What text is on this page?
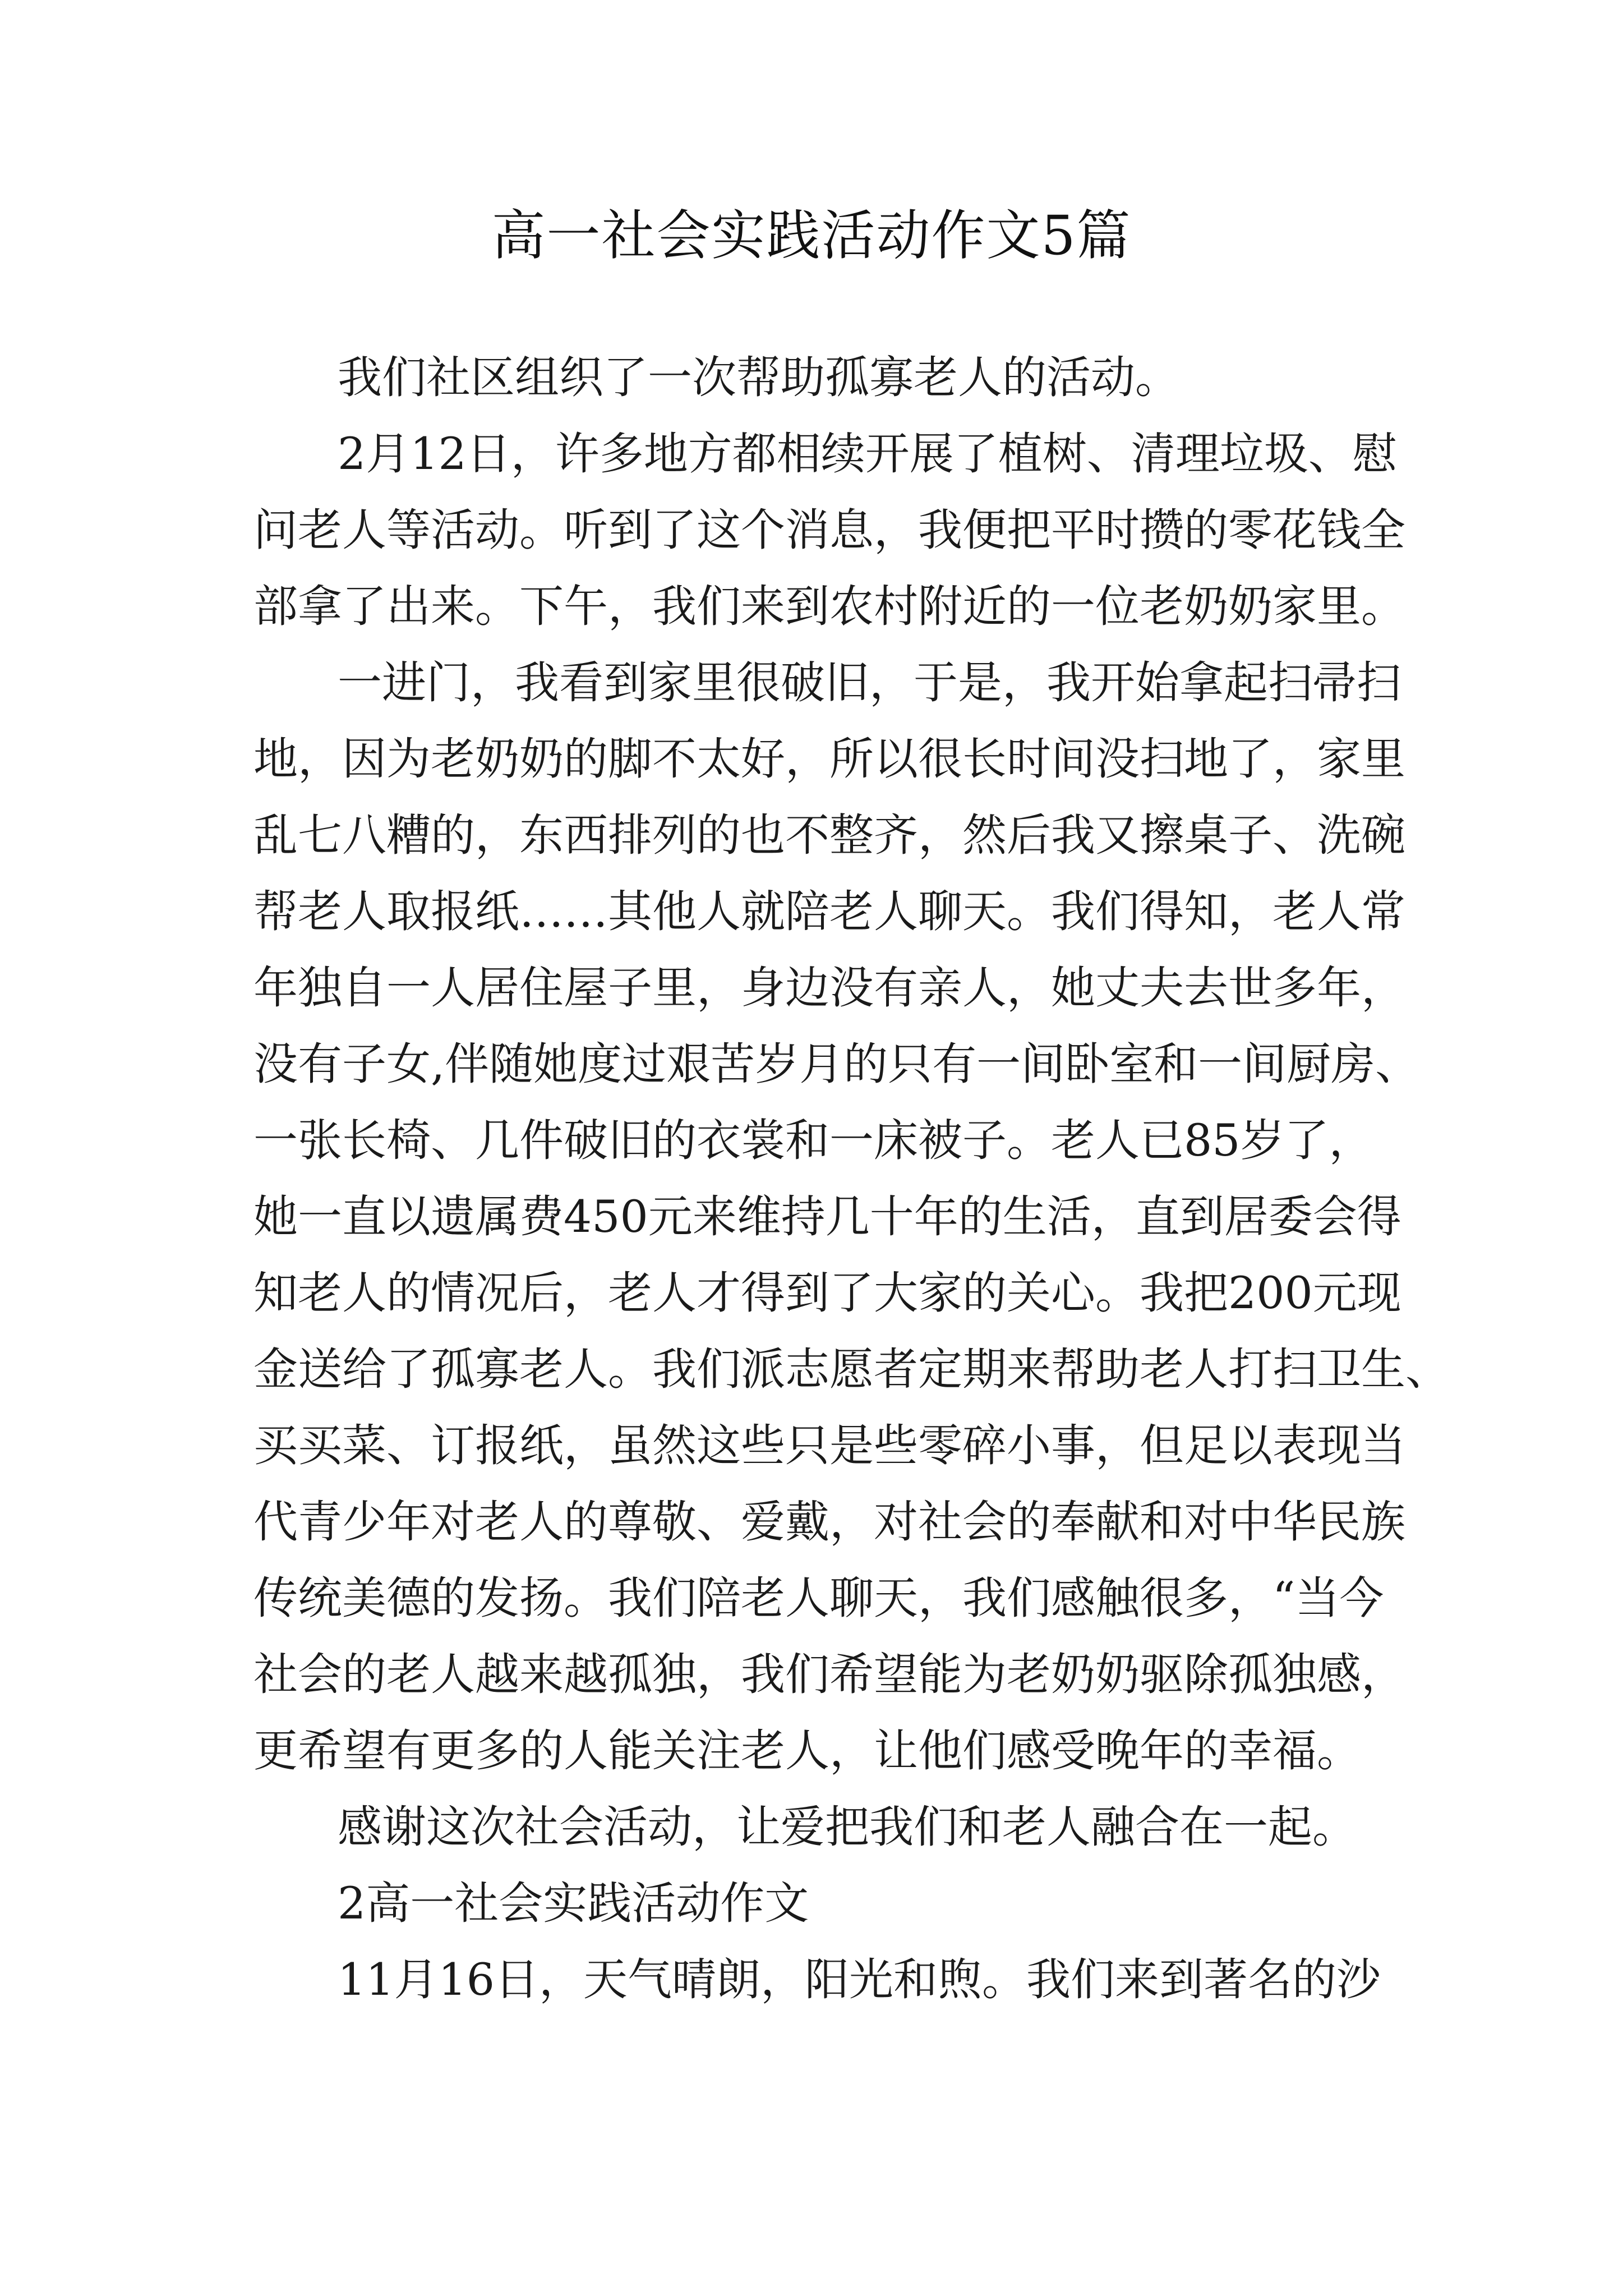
高一社会实践活动作文5篇
我们社区组织了一次帮助孤寡老人的活动。
2月12日，许多地方都相续开展了植树、清理垃圾、慰
问老人等活动。听到了这个消息，我便把平时攒的零花钱全
部拿了出来。下午，我们来到农村附近的一位老奶奶家里。
一进门，我看到家里很破旧，于是，我开始拿起扫帚扫
地，因为老奶奶的脚不太好，所以很长时间没扫地了，家里
乱七八糟的，东西排列的也不整齐，然后我又擦桌子、洗碗
帮老人取报纸……其他人就陪老人聊天。我们得知，老人常
年独自一人居住屋子里，身边没有亲人，她丈夫去世多年，
没有子女,伴随她度过艰苦岁月的只有一间卧室和一间厨房、
一张长椅、几件破旧的衣裳和一床被子。老人已85岁了，
她一直以遗属费450元来维持几十年的生活，直到居委会得
知老人的情况后，老人才得到了大家的关心。我把200元现
金送给了孤寡老人。我们派志愿者定期来帮助老人打扫卫生、
买买菜、订报纸，虽然这些只是些零碎小事，但足以表现当
代青少年对老人的尊敬、爱戴，对社会的奉献和对中华民族
传统美德的发扬。我们陪老人聊天，我们感触很多，“当今
社会的老人越来越孤独，我们希望能为老奶奶驱除孤独感，
更希望有更多的人能关注老人，让他们感受晚年的幸福。
感谢这次社会活动，让爱把我们和老人融合在一起。
2高一社会实践活动作文
11月16日，天气晴朗，阳光和煦。我们来到著名的沙
